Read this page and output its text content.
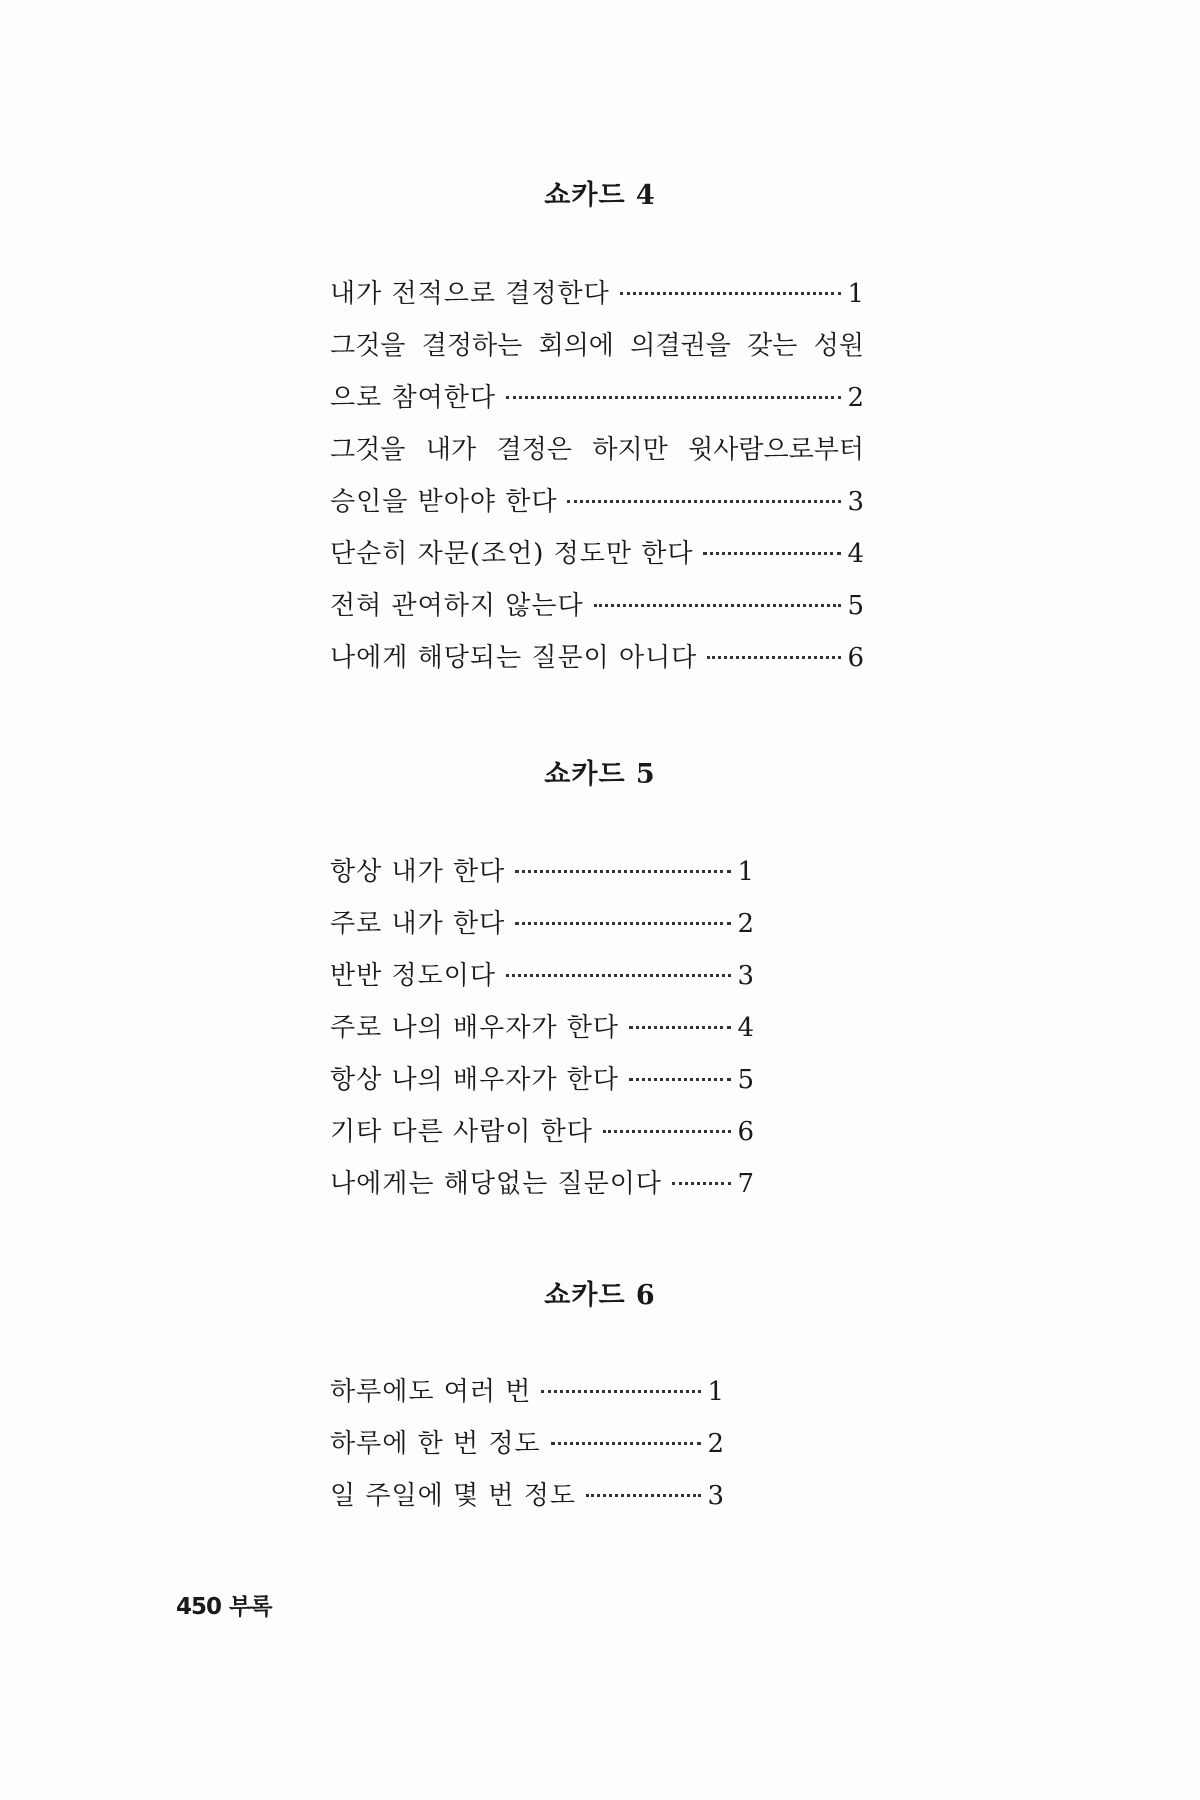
쇼카드 4
내가 전적으로 결정한다	1
그것을 결정하는 회의에 의결권을 갖는 성원
으로 참여한다	2
그것을 내가 결정은 하지만 윗사람으로부터
승인을 받아야 한다	3
단순히 자문(조언) 정도만 한다	4
전혀 관여하지 않는다	5
나에게 해당되는 질문이 아니다	6
쇼카드 5
항상 내가 한다	1
주로 내가 한다	2
반반 정도이다	3
주로 나의 배우자가 한다	4
항상 나의 배우자가 한다	5
기타 다른 사람이 한다	6
나에게는 해당없는 질문이다	7
쇼카드 6
하루에도 여러 번	1
하루에 한 번 정도	2
일 주일에 몇 번 정도	3
450 부록
